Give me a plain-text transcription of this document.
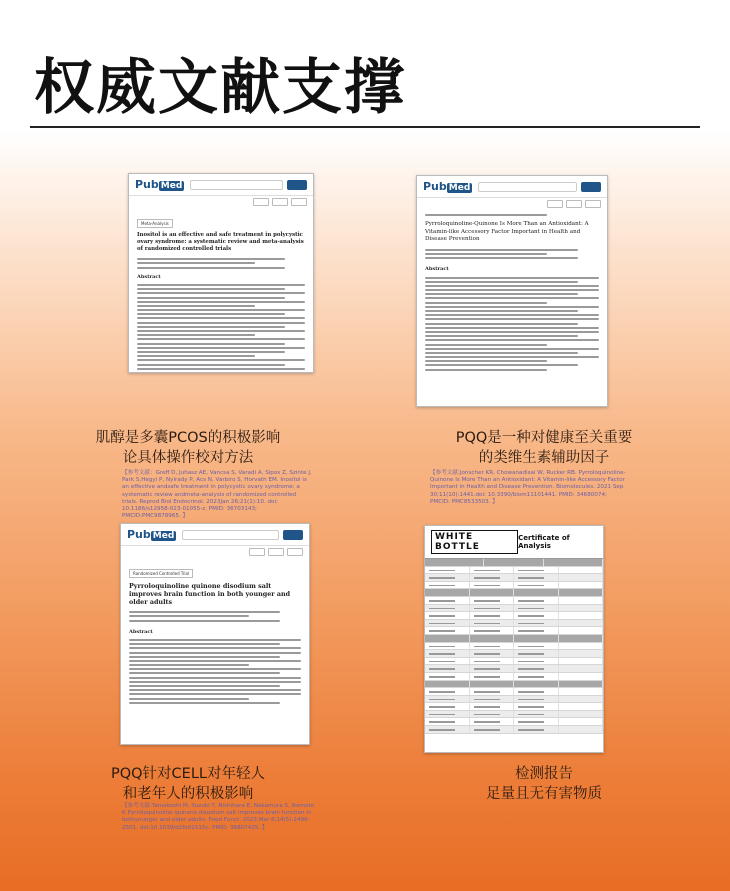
权威文献支撑
Pub Med
Meta-Analysis
Inositol is an effective and safe treatment in polycystic ovary syndrome: a systematic review and meta-analysis of randomized controlled trials
Abstract
肌醇是多囊PCOS的积极影响
论具体操作校对方法
【参考文献：Greff D, Juhasz AE, Vancsa S, Varadi A, Sipos Z, Szinte J, Park S,Hegyi P, Nyirady P, Acs N, Varbiro S, Horvath EM. Inositol is an effective andsafe treatment in polycystic ovary syndrome: a systematic review andmeta-analysis of randomized controlled trials. Reprod Biol Endocrinol. 2023Jan 26;21(1):10. doi: 10.1186/s12958-023-01055-z. PMID: 36703143; PMCID:PMC9878965. 】
Pub Med
Pyrroloquinoline-Quinone Is More Than an Antioxidant: A Vitamin-like Accessory Factor Important in Health and Disease Prevention
Abstract
PQQ是一种对健康至关重要
的类维生素辅助因子
【参考文献:Jonscher KR, Chowanadisai W, Rucker RB. Pyrroloquinoline-Quinone Is More Than an Antioxidant: A Vitamin-like Accessory Factor Important in Health and Disease Prevention. Biomolecules. 2021 Sep 30;11(10):1441.doi: 10.3390/biom11101441. PMID: 34680074; PMCID: PMC8533503. 】
Pub Med
Randomized Controlled Trial
Pyrroloquinoline quinone disodium salt improves brain function in both younger and older adults
Abstract
PQQ针对CELL对年轻人
和老年人的积极影响
【参考文献:Tamakoshi M, Suzuki T, Nishihara E, Nakamura S, Ikemoto K.Pyrroloquinoline quinone disodium salt improves brain function in bothyounger and older adults. Food Funct. 2023 Mar 6;14(5):2496-2501. doi:10.1039/d2fo01515c. PMID: 36807425. 】
WHITE BOTTLE
Certificate of Analysis
检测报告
足量且无有害物质
